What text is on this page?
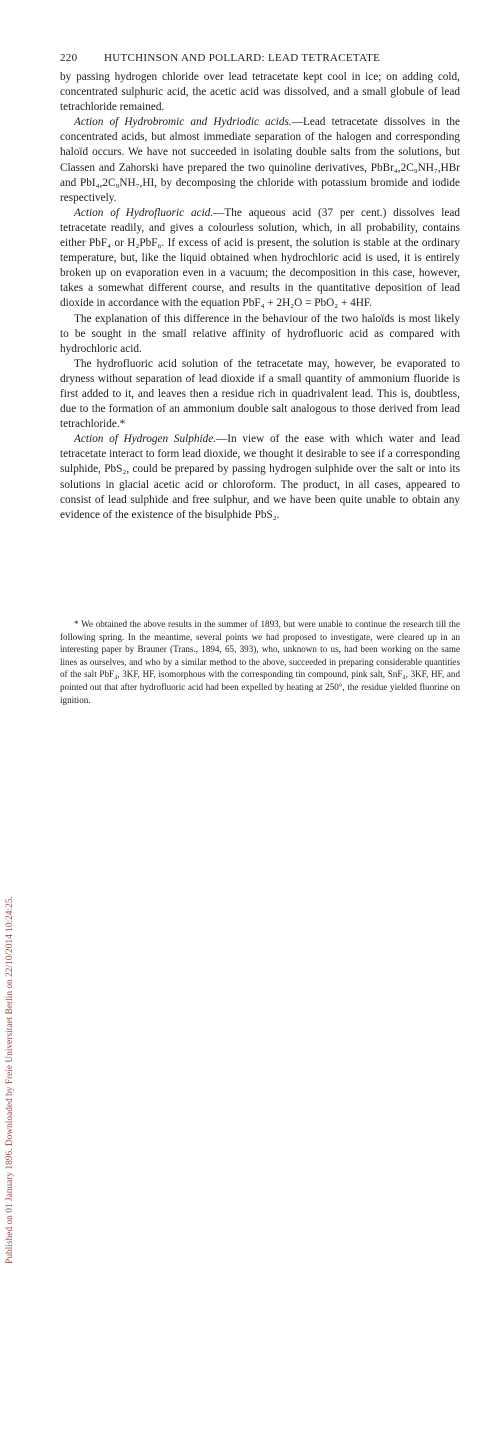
Published on 01 January 1896. Downloaded by Freie Universitaet Berlin on 22/10/2014 10:24:25.
220 HUTCHINSON AND POLLARD: LEAD TETRACETATE

by passing hydrogen chloride over lead tetracetate kept cool in ice; on adding cold, concentrated sulphuric acid, the acetic acid was dissolved, and a small globule of lead tetrachloride remained.

Action of Hydrobromic and Hydriodic acids.—Lead tetracetate dissolves in the concentrated acids, but almost immediate separation of the halogen and corresponding haloïd occurs. We have not succeeded in isolating double salts from the solutions, but Classen and Zahorski have prepared the two quinoline derivatives, PbBr₄,2C₉NH₇,HBr and PbI₄,2C₉NH₇,HI, by decomposing the chloride with potassium bromide and iodide respectively.

Action of Hydrofluoric acid.—The aqueous acid (37 per cent.) dissolves lead tetracetate readily, and gives a colourless solution, which, in all probability, contains either PbF₄ or H₂PbF₆. If excess of acid is present, the solution is stable at the ordinary temperature, but, like the liquid obtained when hydrochloric acid is used, it is entirely broken up on evaporation even in a vacuum; the decomposition in this case, however, takes a somewhat different course, and results in the quantitative deposition of lead dioxide in accordance with the equation PbF₄ + 2H₂O = PbO₂ + 4HF.

The explanation of this difference in the behaviour of the two haloïds is most likely to be sought in the small relative affinity of hydrofluoric acid as compared with hydrochloric acid.

The hydrofluoric acid solution of the tetracetate may, however, be evaporated to dryness without separation of lead dioxide if a small quantity of ammonium fluoride is first added to it, and leaves then a residue rich in quadrivalent lead. This is, doubtless, due to the formation of an ammonium double salt analogous to those derived from lead tetrachloride.*

Action of Hydrogen Sulphide.—In view of the ease with which water and lead tetracetate interact to form lead dioxide, we thought it desirable to see if a corresponding sulphide, PbS₂, could be prepared by passing hydrogen sulphide over the salt or into its solutions in glacial acetic acid or chloroform. The product, in all cases, appeared to consist of lead sulphide and free sulphur, and we have been quite unable to obtain any evidence of the existence of the bisulphide PbS₂.

* We obtained the above results in the summer of 1893, but were unable to continue the research till the following spring. In the meantime, several points we had proposed to investigate, were cleared up in an interesting paper by Brauner (Trans., 1894, 65, 393), who, unknown to us, had been working on the same lines as ourselves, and who by a similar method to the above, succeeded in preparing considerable quantities of the salt PbF₄, 3KF, HF, isomorphous with the corresponding tin compound, pink salt, SnF₄, 3KF, HF, and pointed out that after hydrofluoric acid had been expelled by heating at 250°, the residue yielded fluorine on ignition.
